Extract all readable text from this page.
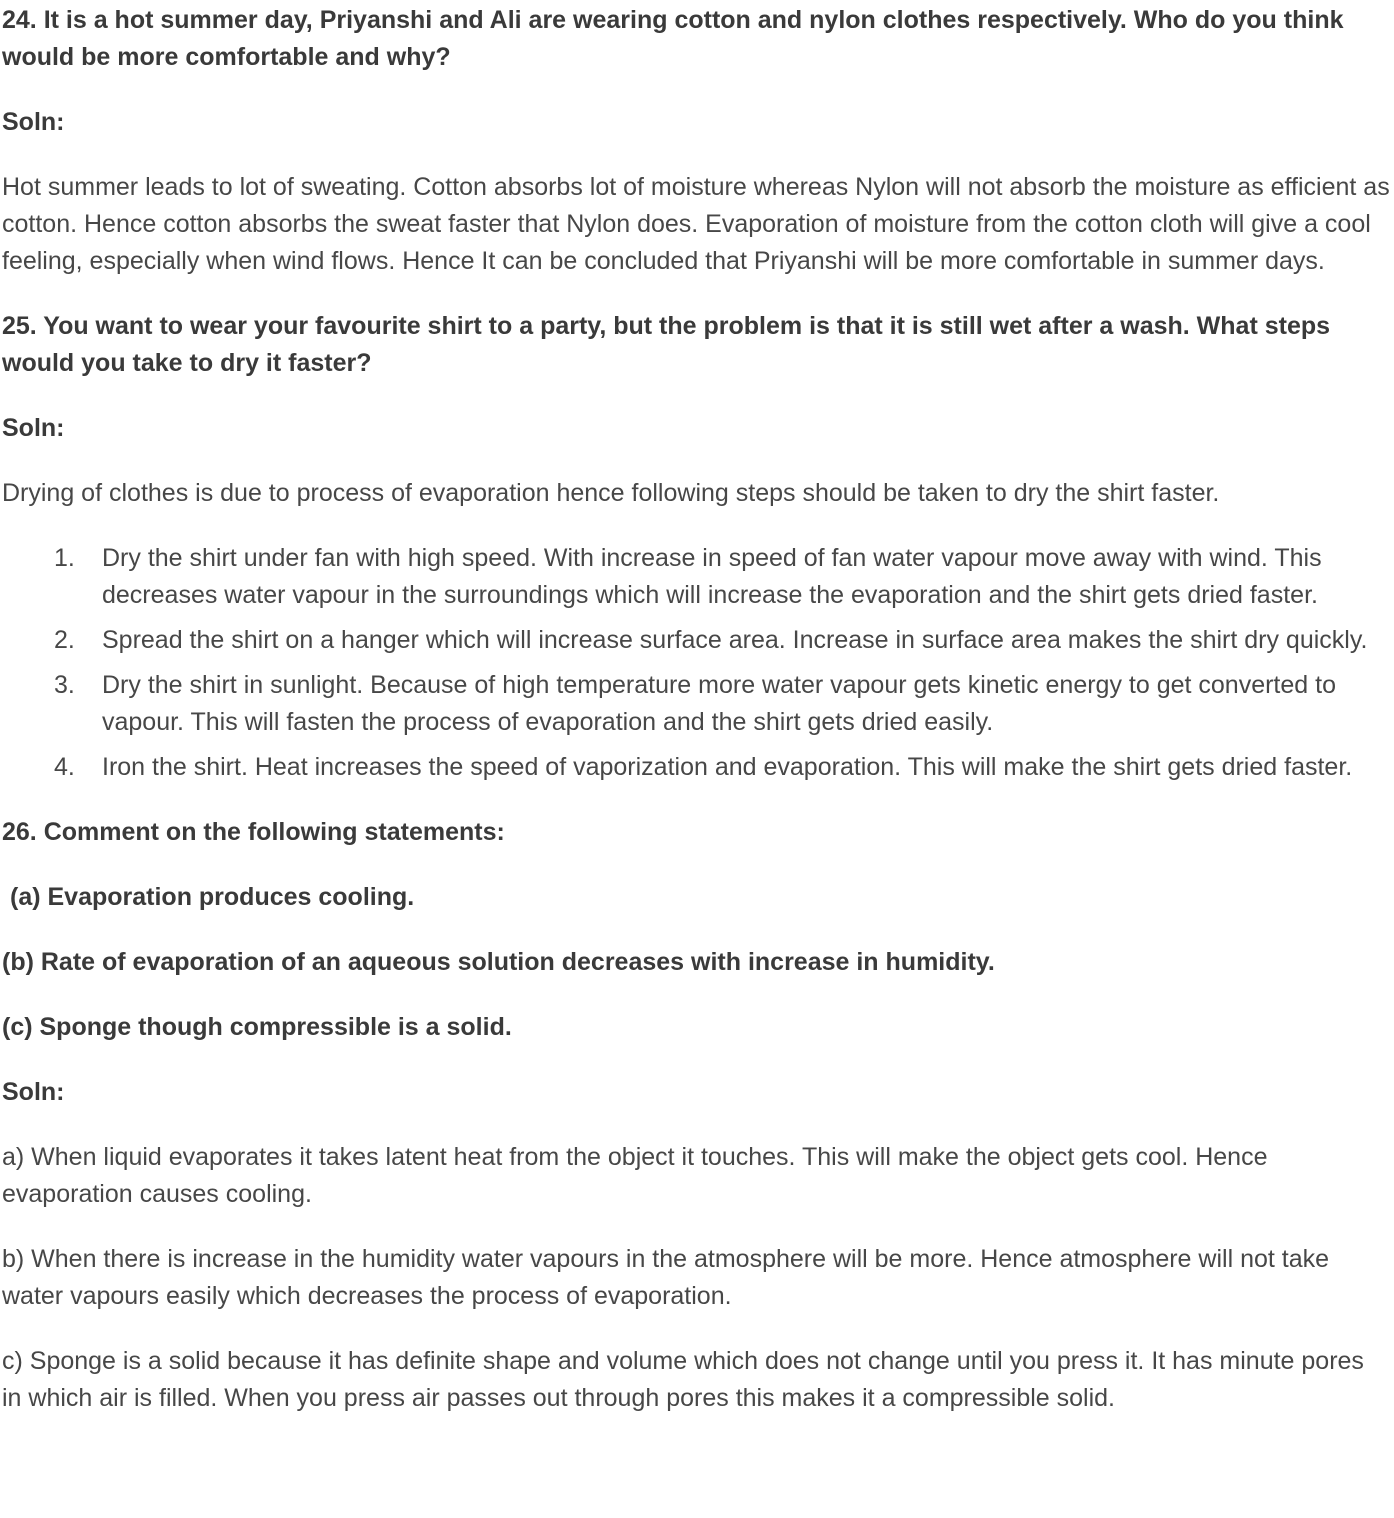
24. It is a hot summer day, Priyanshi and Ali are wearing cotton and nylon clothes respectively. Who do you think would be more comfortable and why?

Soln:

Hot summer leads to lot of sweating. Cotton absorbs lot of moisture whereas Nylon will not absorb the moisture as efficient as cotton. Hence cotton absorbs the sweat faster that Nylon does. Evaporation of moisture from the cotton cloth will give a cool feeling, especially when wind flows. Hence It can be concluded that Priyanshi will be more comfortable in summer days.

25. You want to wear your favourite shirt to a party, but the problem is that it is still wet after a wash. What steps would you take to dry it faster?

Soln:

Drying of clothes is due to process of evaporation hence following steps should be taken to dry the shirt faster.

Dry the shirt under fan with high speed. With increase in speed of fan water vapour move away with wind. This decreases water vapour in the surroundings which will increase the evaporation and the shirt gets dried faster.
Spread the shirt on a hanger which will increase surface area. Increase in surface area makes the shirt dry quickly.
Dry the shirt in sunlight. Because of high temperature more water vapour gets kinetic energy to get converted to vapour. This will fasten the process of evaporation and the shirt gets dried easily.
Iron the shirt. Heat increases the speed of vaporization and evaporation. This will make the shirt gets dried faster.

26. Comment on the following statements:

(a) Evaporation produces cooling.

(b) Rate of evaporation of an aqueous solution decreases with increase in humidity.

(c) Sponge though compressible is a solid.

Soln:

a) When liquid evaporates it takes latent heat from the object it touches. This will make the object gets cool. Hence evaporation causes cooling.

b) When there is increase in the humidity water vapours in the atmosphere will be more. Hence atmosphere will not take water vapours easily which decreases the process of evaporation.

c) Sponge is a solid because it has definite shape and volume which does not change until you press it. It has minute pores in which air is filled. When you press air passes out through pores this makes it a compressible solid.
